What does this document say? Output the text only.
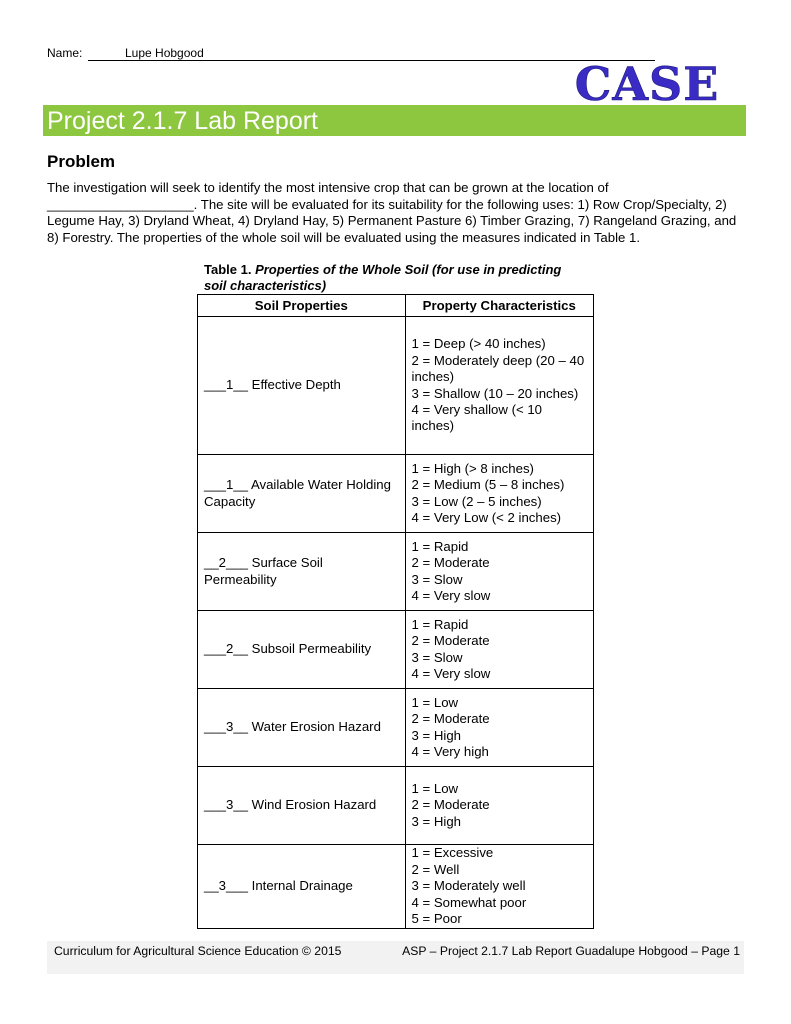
Name:	Lupe Hobgood
CASE
Project 2.1.7 Lab Report
Problem
The investigation will seek to identify the most intensive crop that can be grown at the location of ____________________. The site will be evaluated for its suitability for the following uses: 1) Row Crop/Specialty, 2) Legume Hay, 3) Dryland Wheat, 4) Dryland Hay, 5) Permanent Pasture 6) Timber Grazing, 7) Rangeland Grazing, and 8) Forestry. The properties of the whole soil will be evaluated using the measures indicated in Table 1.
Table 1. Properties of the Whole Soil (for use in predicting soil characteristics)
Soil Properties	Property Characteristics
___1__ Effective Depth	1 = Deep (> 40 inches)
2 = Moderately deep (20 – 40 inches)
3 = Shallow (10 – 20 inches)
4 = Very shallow (< 10 inches)

___1__ Available Water Holding Capacity	1 = High (> 8 inches)
2 = Medium (5 – 8 inches)
3 = Low (2 – 5 inches)
4 = Very Low (< 2 inches)

__2___ Surface Soil Permeability	1 = Rapid
2 = Moderate
3 = Slow
4 = Very slow

___2__ Subsoil Permeability	1 = Rapid
2 = Moderate
3 = Slow
4 = Very slow

___3__ Water Erosion Hazard	1 = Low
2 = Moderate
3 = High
4 = Very high

___3__ Wind Erosion Hazard	1 = Low
2 = Moderate
3 = High

__3___ Internal Drainage	1 = Excessive
2 = Well
3 = Moderately well
4 = Somewhat poor
5 = Poor
Curriculum for Agricultural Science Education © 2015	ASP – Project 2.1.7 Lab Report Guadalupe Hobgood – Page 1
